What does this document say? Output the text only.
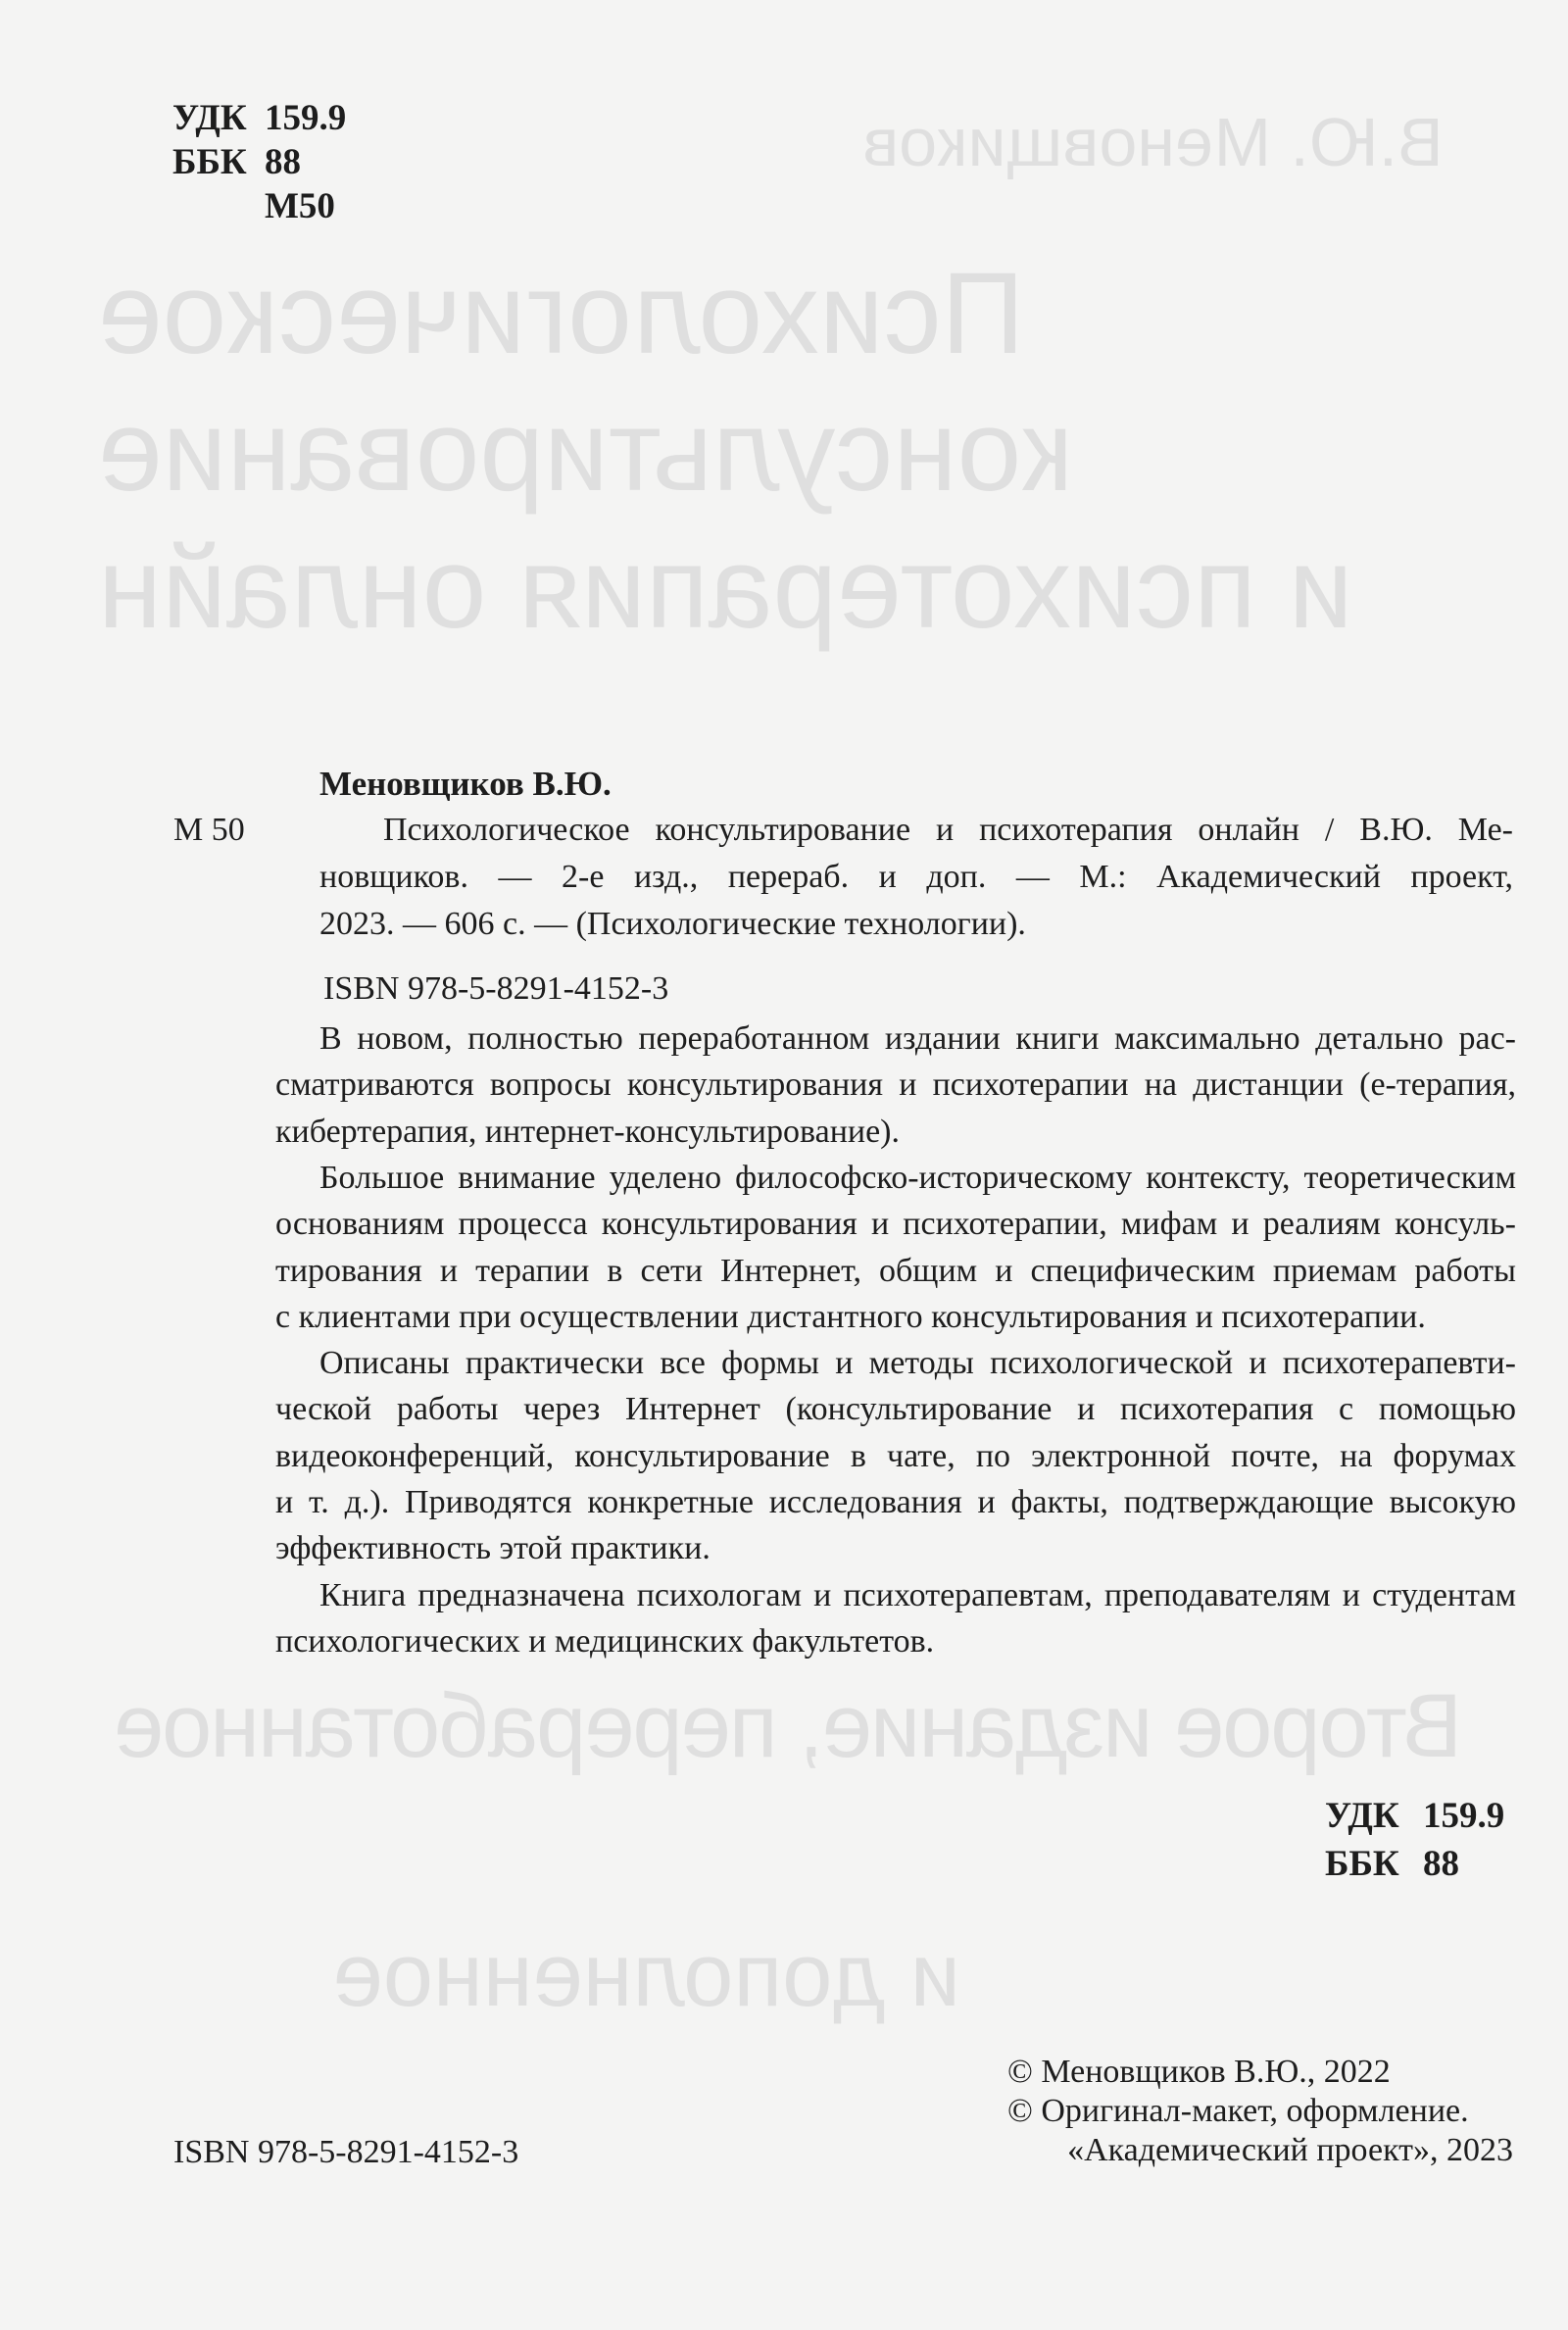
В.Ю. Меновщиков
Психологическое
консультирование
и психотерапия онлайн
Второе издание, переработанное
и дополненное
УДК 159.9
ББК 88
М50
Меновщиков В.Ю.
М 50	Психологическое консультирование и психотерапия онлайн / В.Ю. Ме-
новщиков. — 2-е изд., перераб. и доп. — М.: Академический проект,
2023. — 606 с. — (Психологические технологии).
ISBN 978-5-8291-4152-3
В новом, полностью переработанном издании книги максимально детально рас-
сматриваются вопросы консультирования и психотерапии на дистанции (е-терапия,
кибертерапия, интернет-консультирование).
Большое внимание уделено философско-историческому контексту, теоретическим
основаниям процесса консультирования и психотерапии, мифам и реалиям консуль-
тирования и терапии в сети Интернет, общим и специфическим приемам работы
с клиентами при осуществлении дистантного консультирования и психотерапии.
Описаны практически все формы и методы психологической и психотерапевти-
ческой работы через Интернет (консультирование и психотерапия с помощью
видеоконференций, консультирование в чате, по электронной почте, на форумах
и т. д.). Приводятся конкретные исследования и факты, подтверждающие высокую
эффективность этой практики.
Книга предназначена психологам и психотерапевтам, преподавателям и студентам
психологических и медицинских факультетов.
УДК 159.9
ББК 88
ISBN 978-5-8291-4152-3
© Меновщиков В.Ю., 2022
© Оригинал-макет, оформление.
«Академический проект», 2023
